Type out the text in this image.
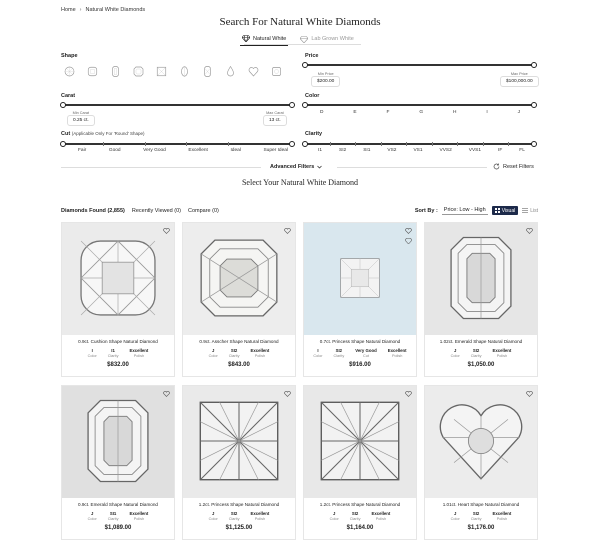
Home › Natural White Diamonds
Search For Natural White Diamonds
Natural White	Lab Grown White
Shape	Price
Min Price
$200.00
Max Price
$100,000.00
Carat
Min Carat
0.25 ct.
Max Carat
13 ct.
Color
D	E	F	G	H	I	J
Cut (Applicable Only For 'Round' Shape)
Fair	Good	Very Good	Excellent	Ideal	Super Ideal
Clarity
I1	SI2	SI1	VS2	VS1	VVS2	VVS1	IF	FL
Advanced Filters	Reset Filters
Select Your Natural White Diamond
Diamonds Found (2,855) Recently Viewed (0) Compare (0)	Sort By :	Price: Low - High	Visual	List
0.9ct. Cushion Shape Natural Diamond
I
Color
I1
Clarity
Excellent
Polish
$832.00
0.9ct. Asscher Shape Natural Diamond
J
Color
SI2
Clarity
Excellent
Polish
$843.00
0.7ct. Princess Shape Natural Diamond
I
Color
SI2
Clarity
Very Good
Cut
Excellent
Polish
$916.00
1.02ct. Emerald Shape Natural Diamond
J
Color
SI2
Clarity
Excellent
Polish
$1,050.00
0.9ct. Emerald Shape Natural Diamond
J
Color
SI1
Clarity
Excellent
Polish
$1,089.00
1.2ct. Princess Shape Natural Diamond
J
Color
SI2
Clarity
Excellent
Polish
$1,125.00
1.2ct. Princess Shape Natural Diamond
J
Color
SI2
Clarity
Excellent
Polish
$1,164.00
1.01ct. Heart Shape Natural Diamond
J
Color
SI2
Clarity
Excellent
Polish
$1,176.00
